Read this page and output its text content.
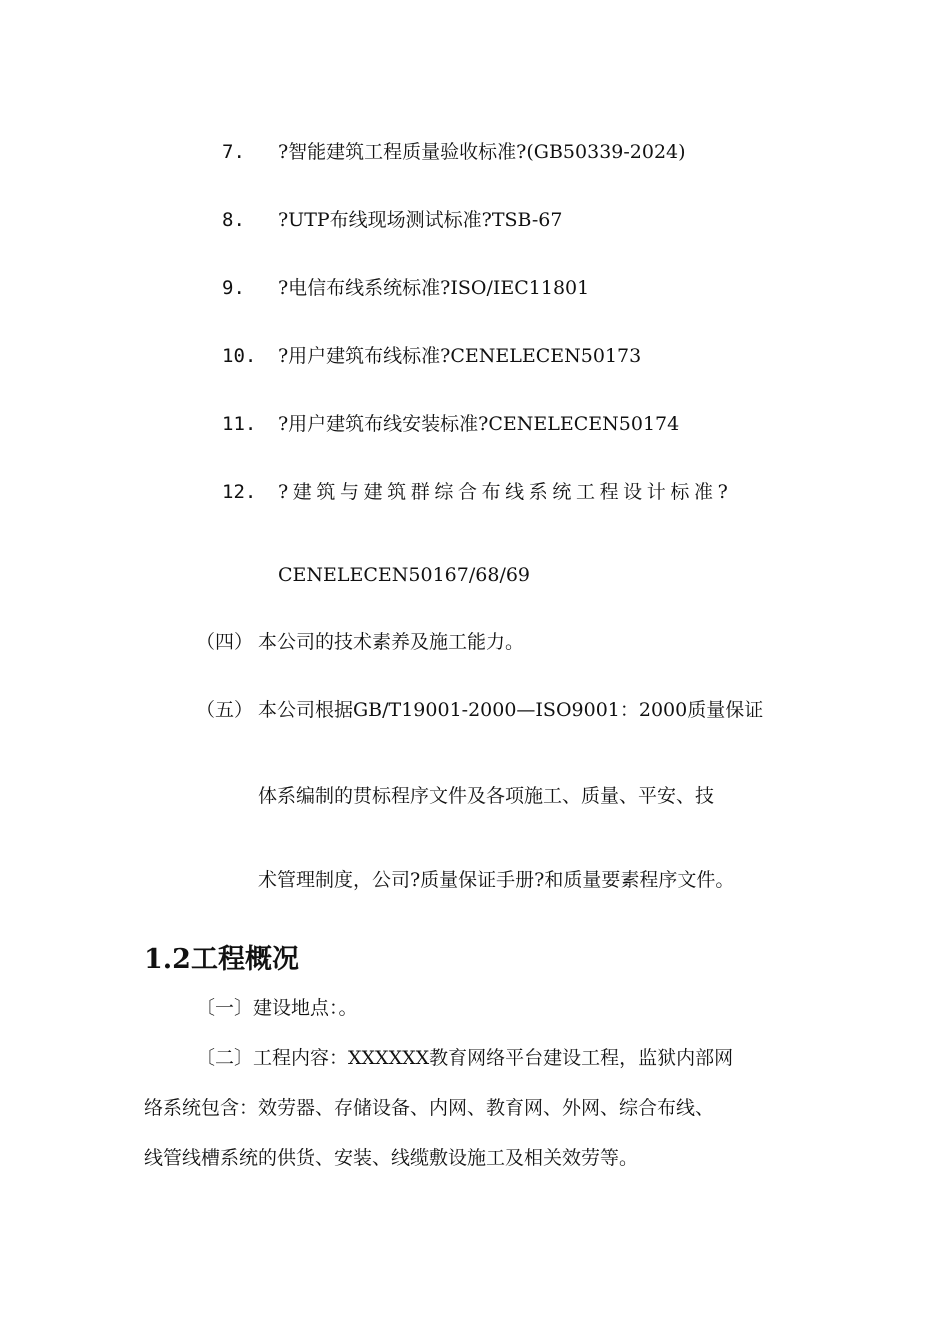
7. ?智能建筑工程质量验收标准?(GB50339-2024)
8. ?UTP布线现场测试标准?TSB-67
9. ?电信布线系统标准?ISO/IEC11801
10. ?用户建筑布线标准?CENELECEN50173
11. ?用户建筑布线安装标准?CENELECEN50174
12. ?建筑与建筑群综合布线系统工程设计标准?
CENELECEN50167/68/69
（四） 本公司的技术素养及施工能力。
（五） 本公司根据GB/T19001-2000—ISO9001：2000质量保证
体系编制的贯标程序文件及各项施工、质量、平安、技
术管理制度，公司?质量保证手册?和质量要素程序文件。
1.2工程概况
〔一〕建设地点：。
〔二〕工程内容：XXXXXX教育网络平台建设工程，监狱内部网
络系统包含：效劳器、存储设备、内网、教育网、外网、综合布线、
线管线槽系统的供货、安装、线缆敷设施工及相关效劳等。
